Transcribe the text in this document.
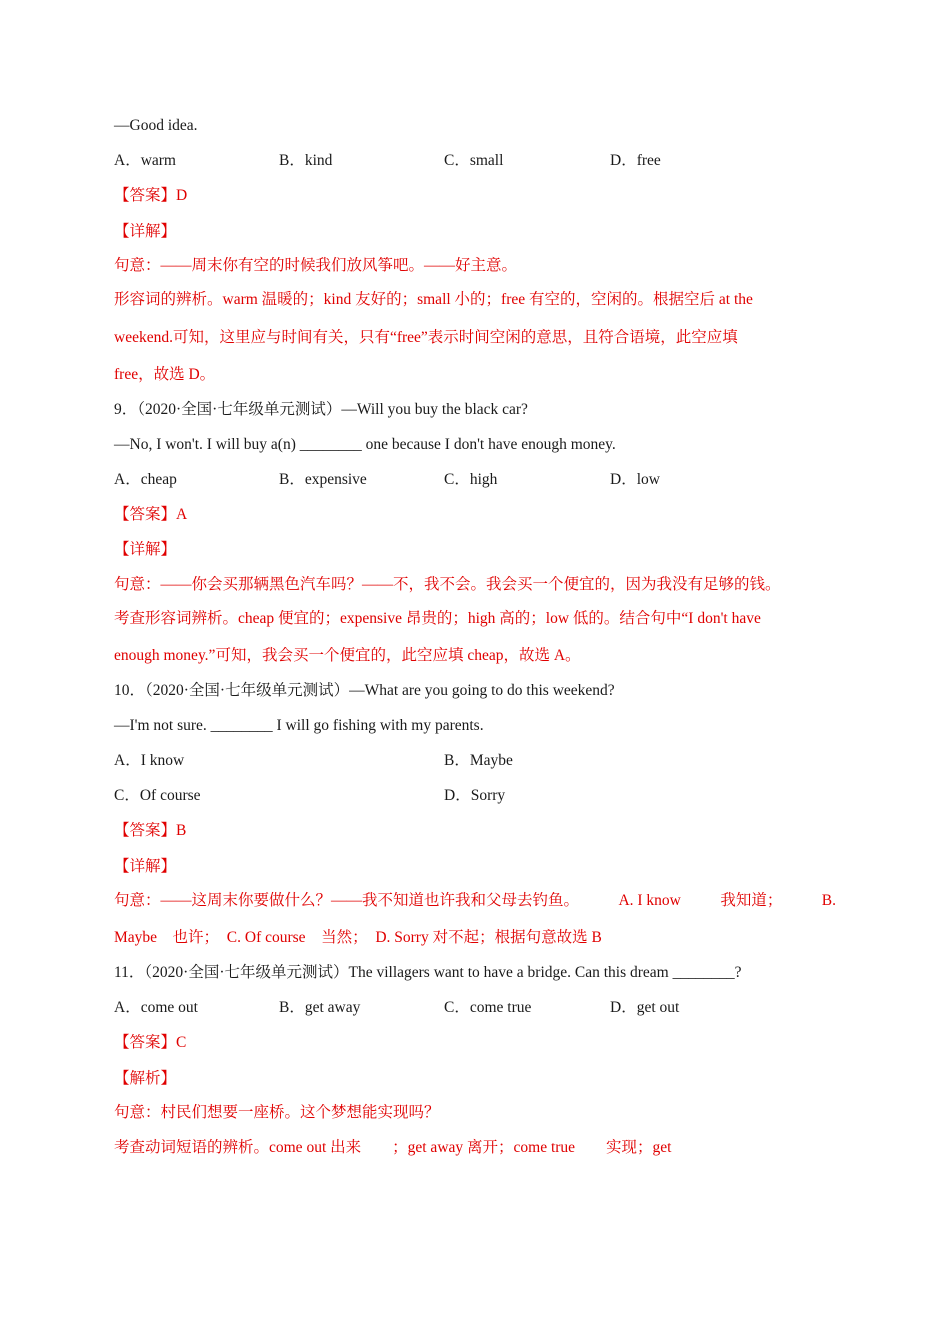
—Good idea.
A．warm	B．kind	C．small	D．free
【答案】D
【详解】
句意：——周末你有空的时候我们放风筝吧。——好主意。
形容词的辨析。warm 温暖的；kind 友好的；small 小的；free 有空的，空闲的。根据空后 at the
weekend.可知，这里应与时间有关，只有“free”表示时间空闲的意思，且符合语境，此空应填
free，故选 D。
9．（2020·全国·七年级单元测试）—Will you buy the black car?
—No, I won't. I will buy a(n) ________ one because I don't have enough money.
A．cheap	B．expensive	C．high	D．low
【答案】A
【详解】
句意：——你会买那辆黑色汽车吗？——不，我不会。我会买一个便宜的，因为我没有足够的钱。
考查形容词辨析。cheap 便宜的；expensive 昂贵的；high 高的；low 低的。结合句中“I don't have
enough money.”可知，我会买一个便宜的，此空应填 cheap，故选 A。
10．（2020·全国·七年级单元测试）—What are you going to do this weekend?
—I'm not sure. ________ I will go fishing with my parents.
A．I know	B．Maybe
C．Of course	D．Sorry
【答案】B
【详解】
句意：——这周末你要做什么？——我不知道也许我和父母去钓鱼。	A. I know	我知道；	B.
Maybe　也许；　C. Of course　当然；　D. Sorry 对不起；根据句意故选 B
11．（2020·全国·七年级单元测试）The villagers want to have a bridge. Can this dream ________?
A．come out	B．get away	C．come true	D．get out
【答案】C
【解析】
句意：村民们想要一座桥。这个梦想能实现吗？
考查动词短语的辨析。come out 出来　　；get away 离开；come true　　实现；get
